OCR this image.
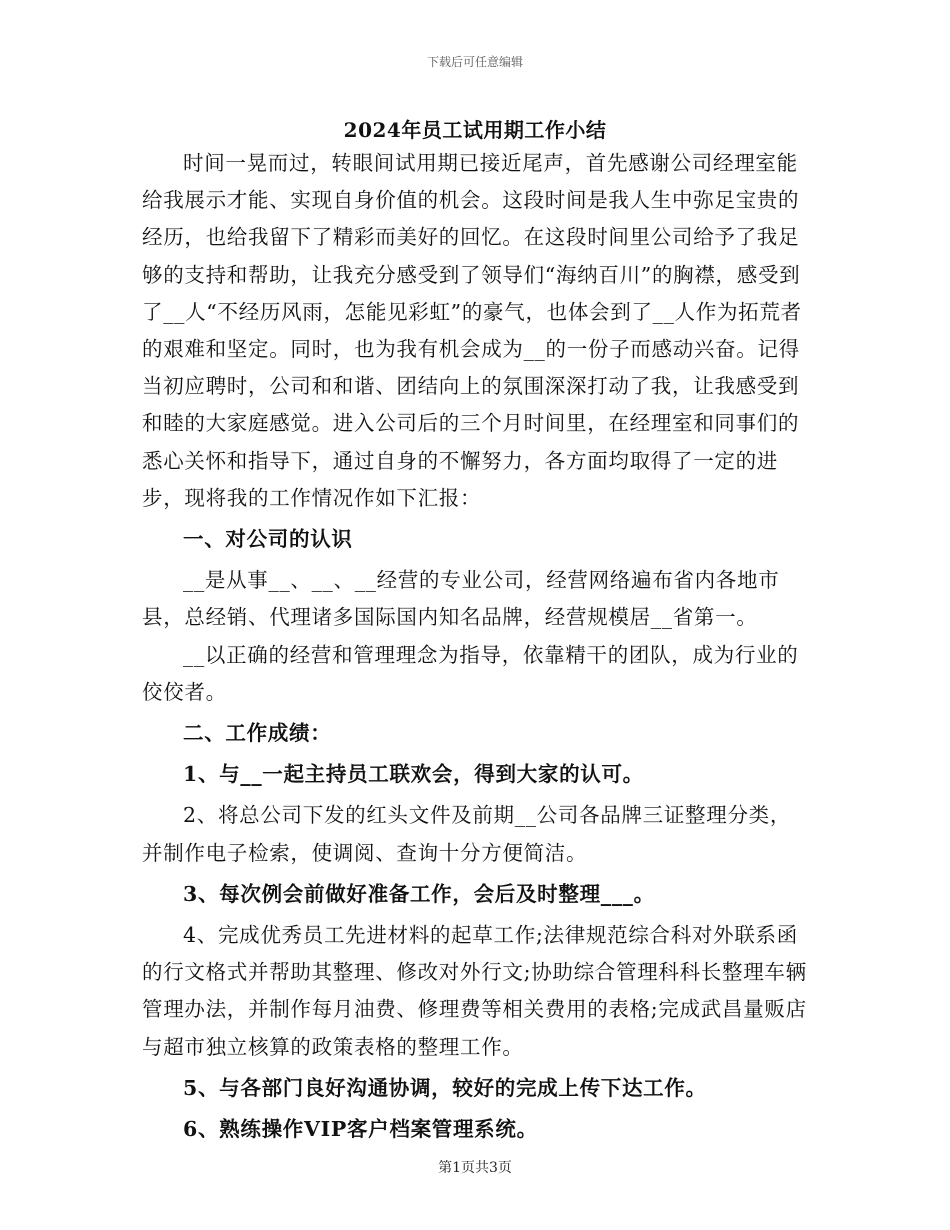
下载后可任意编辑
2024年员工试用期工作小结

时间一晃而过，转眼间试用期已接近尾声，首先感谢公司经理室能给我展示才能、实现自身价值的机会。这段时间是我人生中弥足宝贵的经历，也给我留下了精彩而美好的回忆。在这段时间里公司给予了我足够的支持和帮助，让我充分感受到了领导们“海纳百川”的胸襟，感受到了__人“不经历风雨，怎能见彩虹”的豪气，也体会到了__人作为拓荒者的艰难和坚定。同时，也为我有机会成为__的一份子而感动兴奋。记得当初应聘时，公司和和谐、团结向上的氛围深深打动了我，让我感受到和睦的大家庭感觉。进入公司后的三个月时间里，在经理室和同事们的悉心关怀和指导下，通过自身的不懈努力，各方面均取得了一定的进步，现将我的工作情况作如下汇报：

一、对公司的认识

__是从事__、__、__经营的专业公司，经营网络遍布省内各地市县，总经销、代理诸多国际国内知名品牌，经营规模居__省第一。

__以正确的经营和管理理念为指导，依靠精干的团队，成为行业的佼佼者。

二、工作成绩：

1、与__一起主持员工联欢会，得到大家的认可。

2、将总公司下发的红头文件及前期__公司各品牌三证整理分类，并制作电子检索，使调阅、查询十分方便简洁。

3、每次例会前做好准备工作，会后及时整理___。

4、完成优秀员工先进材料的起草工作;法律规范综合科对外联系函的行文格式并帮助其整理、修改对外行文;协助综合管理科科长整理车辆管理办法，并制作每月油费、修理费等相关费用的表格;完成武昌量贩店与超市独立核算的政策表格的整理工作。

5、与各部门良好沟通协调，较好的完成上传下达工作。

6、熟练操作VIP客户档案管理系统。

第1页共3页
